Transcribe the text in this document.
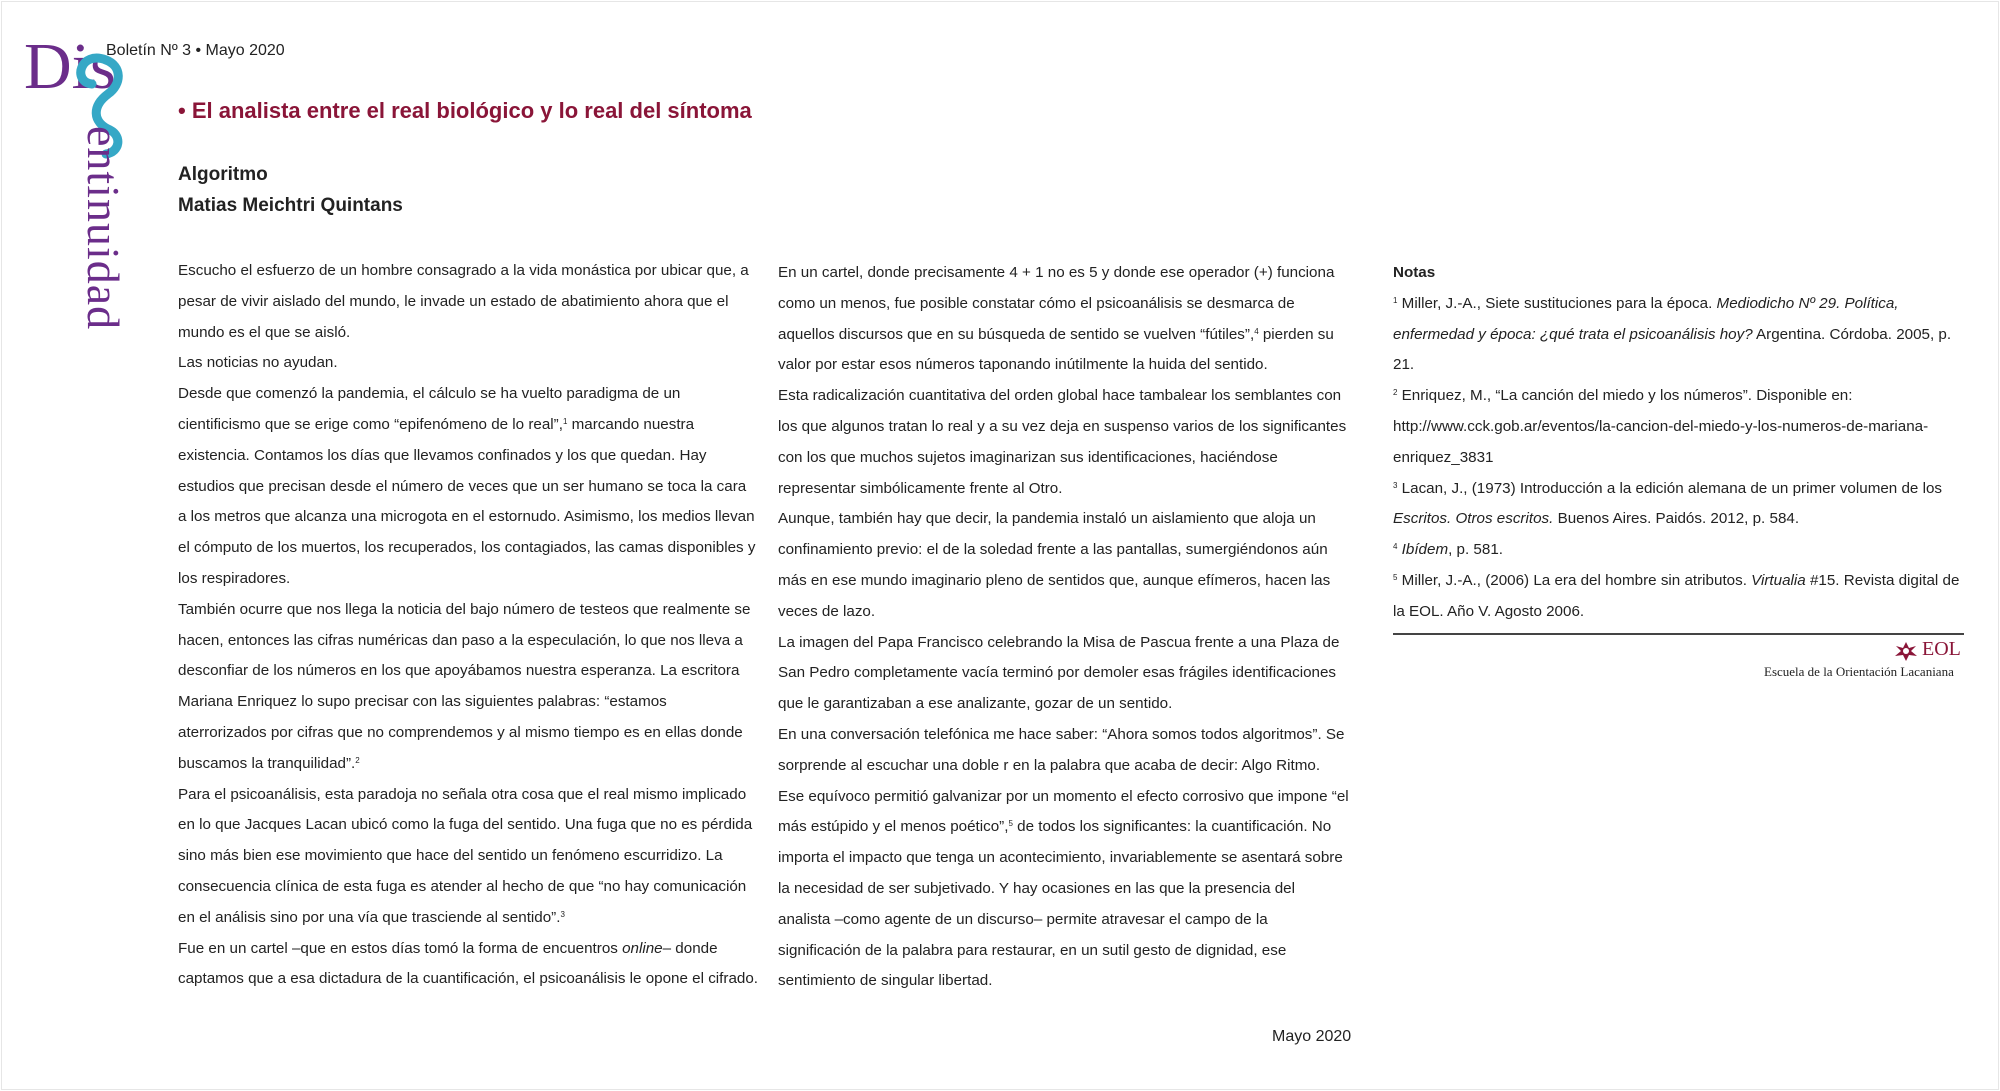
Dis
entinuidad
Boletín Nº 3 • Mayo 2020
• El analista entre el real biológico y lo real del síntoma
Algoritmo
Matias Meichtri Quintans

Escucho el esfuerzo de un hombre consagrado a la vida monástica por ubicar que, a pesar de vivir aislado del mundo, le invade un estado de abatimiento ahora que el mundo es el que se aisló.

Las noticias no ayudan.

Desde que comenzó la pandemia, el cálculo se ha vuelto paradigma de un cientificismo que se erige como “epifenómeno de lo real”,$^1$ marcando nuestra existencia. Contamos los días que llevamos confinados y los que quedan. Hay estudios que precisan desde el número de veces que un ser humano se toca la cara a los metros que alcanza una microgota en el estornudo. Asimismo, los medios llevan el cómputo de los muertos, los recuperados, los contagiados, las camas disponibles y los respiradores.

También ocurre que nos llega la noticia del bajo número de testeos que realmente se hacen, entonces las cifras numéricas dan paso a la especulación, lo que nos lleva a desconfiar de los números en los que apoyábamos nuestra esperanza. La escritora Mariana Enriquez lo supo precisar con las siguientes palabras: “estamos aterrorizados por cifras que no comprendemos y al mismo tiempo es en ellas donde buscamos la tranquilidad”.$^2$

Para el psicoanálisis, esta paradoja no señala otra cosa que el real mismo implicado en lo que Jacques Lacan ubicó como la fuga del sentido. Una fuga que no es pérdida sino más bien ese movimiento que hace del sentido un fenómeno escurridizo. La consecuencia clínica de esta fuga es atender al hecho de que “no hay comunicación en el análisis sino por una vía que trasciende al sentido”.$^3$

Fue en un cartel –que en estos días tomó la forma de encuentros online– donde captamos que a esa dictadura de la cuantificación, el psicoanálisis le opone el cifrado.

En un cartel, donde precisamente 4 + 1 no es 5 y donde ese operador (+) funciona como un menos, fue posible constatar cómo el psicoanálisis se desmarca de aquellos discursos que en su búsqueda de sentido se vuelven “fútiles”,$^4$ pierden su valor por estar esos números taponando inútilmente la huida del sentido.

Esta radicalización cuantitativa del orden global hace tambalear los semblantes con los que algunos tratan lo real y a su vez deja en suspenso varios de los significantes con los que muchos sujetos imaginarizan sus identificaciones, haciéndose representar simbólicamente frente al Otro.

Aunque, también hay que decir, la pandemia instaló un aislamiento que aloja un confinamiento previo: el de la soledad frente a las pantallas, sumergiéndonos aún más en ese mundo imaginario pleno de sentidos que, aunque efímeros, hacen las veces de lazo.

La imagen del Papa Francisco celebrando la Misa de Pascua frente a una Plaza de San Pedro completamente vacía terminó por demoler esas frágiles identificaciones que le garantizaban a ese analizante, gozar de un sentido.

En una conversación telefónica me hace saber: “Ahora somos todos algoritmos”. Se sorprende al escuchar una doble r en la palabra que acaba de decir: Algo Ritmo.

Ese equívoco permitió galvanizar por un momento el efecto corrosivo que impone “el más estúpido y el menos poético”,$^5$ de todos los significantes: la cuantificación. No importa el impacto que tenga un acontecimiento, invariablemente se asentará sobre la necesidad de ser subjetivado. Y hay ocasiones en las que la presencia del analista –como agente de un discurso– permite atravesar el campo de la significación de la palabra para restaurar, en un sutil gesto de dignidad, ese sentimiento de singular libertad.

Mayo 2020

Notas

$^1$ Miller, J.-A., Siete sustituciones para la época. Mediodicho Nº 29. Política, enfermedad y época: ¿qué trata el psicoanálisis hoy? Argentina. Córdoba. 2005, p. 21.

$^2$ Enriquez, M., “La canción del miedo y los números”. Disponible en: http://www.cck.gob.ar/eventos/la-cancion-del-miedo-y-los-numeros-de-mariana-enriquez_3831

$^3$ Lacan, J., (1973) Introducción a la edición alemana de un primer volumen de los Escritos. Otros escritos. Buenos Aires. Paidós. 2012, p. 584.

$^4$ Ibídem, p. 581.

$^5$ Miller, J.-A., (2006) La era del hombre sin atributos. Virtualia #15. Revista digital de la EOL. Año V. Agosto 2006.

EOL
Escuela de la Orientación Lacaniana
